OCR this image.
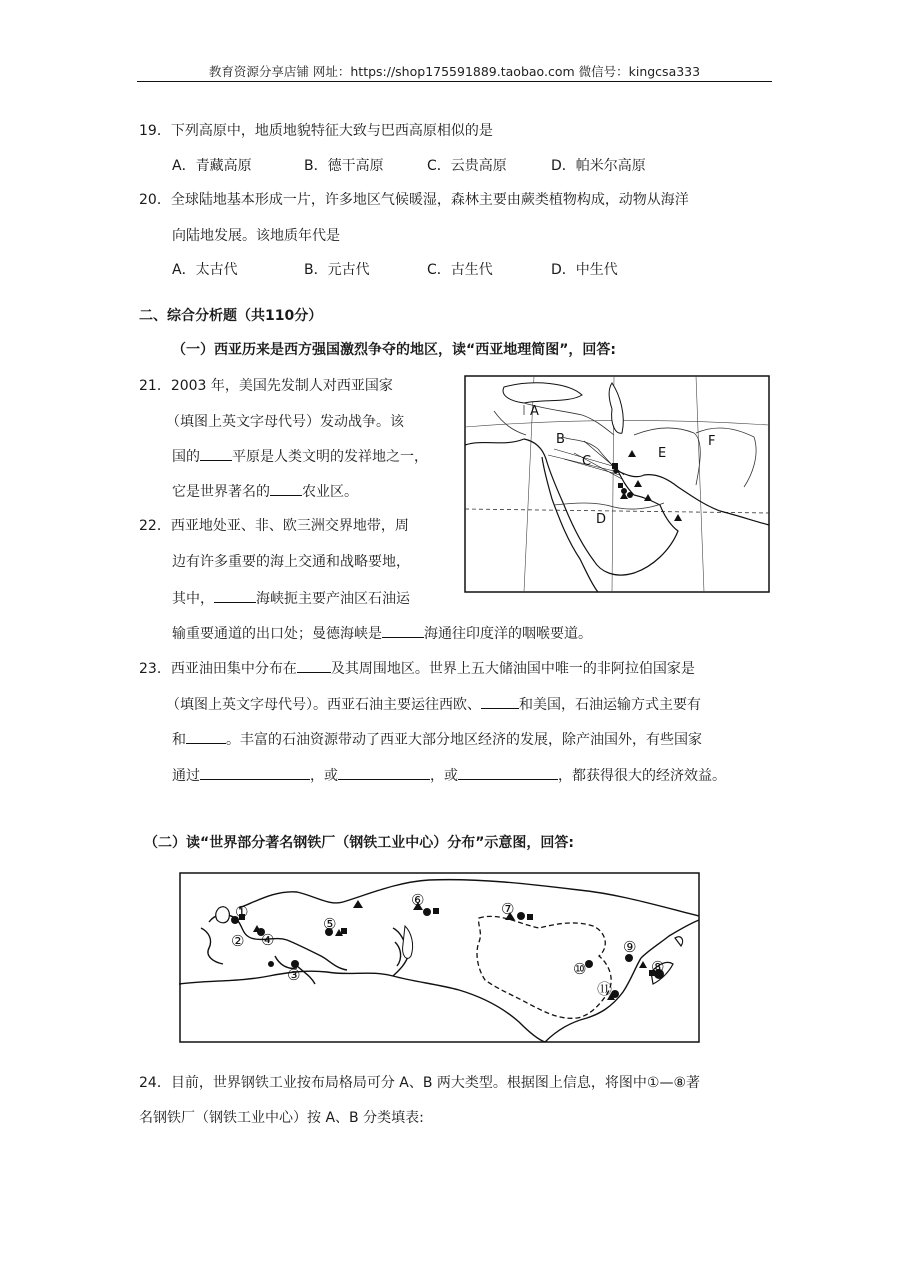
教育资源分享店铺 网址：https://shop175591889.taobao.com 微信号：kingcsa333
19．下列高原中，地质地貌特征大致与巴西高原相似的是
A．青藏高原	B．德干高原	C．云贵高原	D．帕米尔高原
20．全球陆地基本形成一片，许多地区气候暖湿，森林主要由蕨类植物构成，动物从海洋
向陆地发展。该地质年代是
A．太古代	B．元古代	C．古生代	D．中生代
二、综合分析题（共110分）
（一）西亚历来是西方强国激烈争夺的地区，读“西亚地理简图”，回答:
21．2003 年，美国先发制人对西亚国家
（填图上英文字母代号）发动战争。该
国的 平原是人类文明的发祥地之一，
它是世界著名的 农业区。
22．西亚地处亚、非、欧三洲交界地带，周
边有许多重要的海上交通和战略要地，
其中，	海峡扼主要产油区石油运
输重要通道的出口处；曼德海峡是	海通往印度洋的咽喉要道。
23．西亚油田集中分布在 及其周围地区。世界上五大储油国中唯一的非阿拉伯国家是
（填图上英文字母代号）。西亚石油主要运往西欧、	和美国，石油运输方式主要有
和	。丰富的石油资源带动了西亚大部分地区经济的发展，除产油国外，有些国家
通过	，或	，或	，都获得很大的经济效益。
（二）读“世界部分著名钢铁厂（钢铁工业中心）分布”示意图，回答:
24．目前，世界钢铁工业按布局格局可分 A、B 两大类型。根据图上信息，将图中①—⑧著
名钢铁厂（钢铁工业中心）按 A、B 分类填表:
A
B
C
E
F
D
①
②
③
④
⑤
⑥	⑦
⑧
⑨
⑩
⑪
